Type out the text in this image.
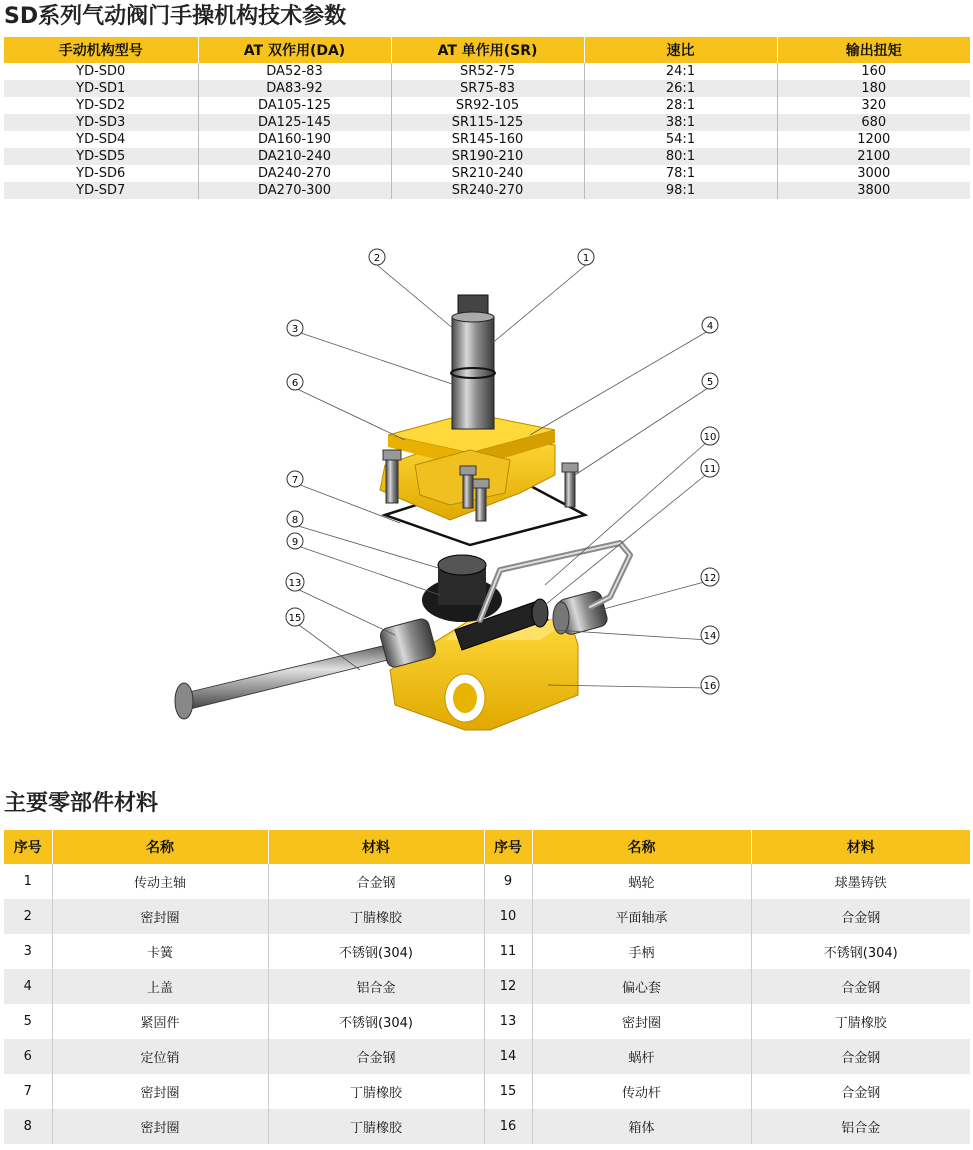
SD系列气动阀门手操机构技术参数
手动机构型号	AT 双作用(DA)	AT 单作用(SR)	速比	输出扭矩
YD-SD0	DA52-83	SR52-75	24:1	160
YD-SD1	DA83-92	SR75-83	26:1	180
YD-SD2	DA105-125	SR92-105	28:1	320
YD-SD3	DA125-145	SR115-125	38:1	680
YD-SD4	DA160-190	SR145-160	54:1	1200
YD-SD5	DA210-240	SR190-210	80:1	2100
YD-SD6	DA240-270	SR210-240	78:1	3000
YD-SD7	DA270-300	SR240-270	98:1	3800
1
2
3	4
5
6
7
8
9
10
11
12
13
14
15
16
主要零部件材料
序号	名称	材料	序号	名称	材料
1	传动主轴	合金钢	9	蜗轮	球墨铸铁
2	密封圈	丁腈橡胶	10	平面轴承	合金钢
3	卡簧	不锈钢(304)	11	手柄	不锈钢(304)
4	上盖	铝合金	12	偏心套	合金钢
5	紧固件	不锈钢(304)	13	密封圈	丁腈橡胶
6	定位销	合金钢	14	蜗杆	合金钢
7	密封圈	丁腈橡胶	15	传动杆	合金钢
8	密封圈	丁腈橡胶	16	箱体	铝合金
